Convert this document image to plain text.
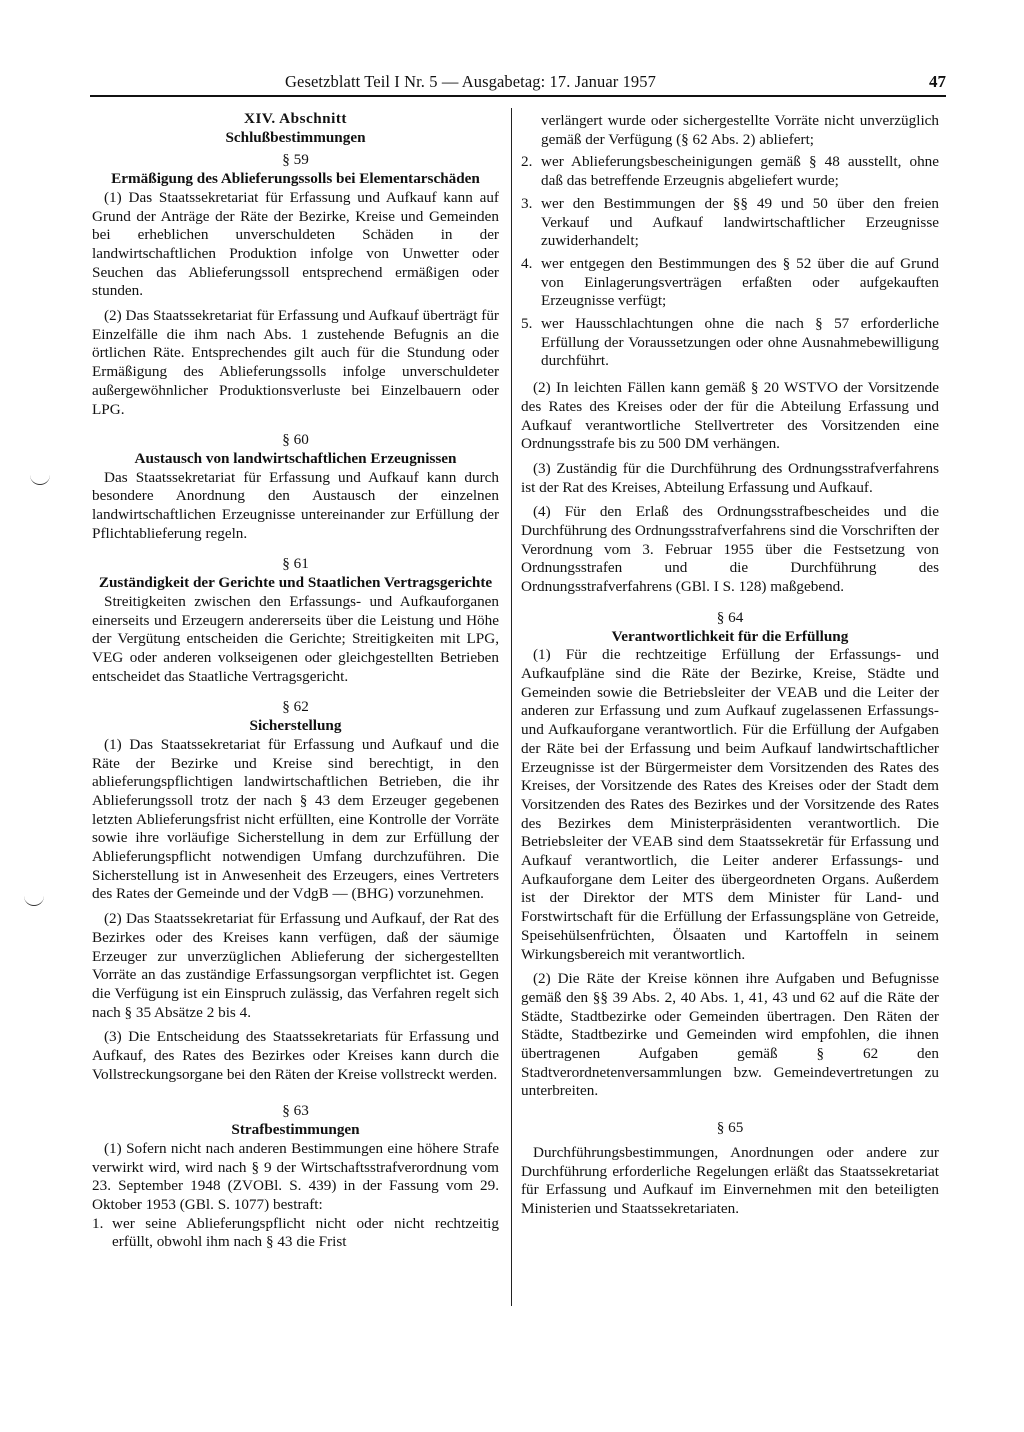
Gesetzblatt Teil I Nr. 5 — Ausgabetag: 17. Januar 1957	47

XIV. Abschnitt

Schlußbestimmungen

§ 59

Ermäßigung des Ablieferungssolls bei Elementarschäden

(1) Das Staatssekretariat für Erfassung und Aufkauf kann auf Grund der Anträge der Räte der Bezirke, Kreise und Gemeinden bei erheblichen unverschuldeten Schäden in der landwirtschaftlichen Produktion infolge von Unwetter oder Seuchen das Ablieferungssoll entsprechend ermäßigen oder stunden.

(2) Das Staatssekretariat für Erfassung und Aufkauf überträgt für Einzelfälle die ihm nach Abs. 1 zustehende Befugnis an die örtlichen Räte. Entsprechendes gilt auch für die Stundung oder Ermäßigung des Ablieferungssolls infolge unverschuldeter außergewöhnlicher Produktionsverluste bei Einzelbauern oder LPG.

§ 60

Austausch von landwirtschaftlichen Erzeugnissen

Das Staatssekretariat für Erfassung und Aufkauf kann durch besondere Anordnung den Austausch der einzelnen landwirtschaftlichen Erzeugnisse untereinander zur Erfüllung der Pflichtablieferung regeln.

§ 61

Zuständigkeit der Gerichte und Staatlichen Vertragsgerichte

Streitigkeiten zwischen den Erfassungs- und Aufkauforganen einerseits und Erzeugern andererseits über die Leistung und Höhe der Vergütung entscheiden die Gerichte; Streitigkeiten mit LPG, VEG oder anderen volkseigenen oder gleichgestellten Betrieben entscheidet das Staatliche Vertragsgericht.

§ 62

Sicherstellung

(1) Das Staatssekretariat für Erfassung und Aufkauf und die Räte der Bezirke und Kreise sind berechtigt, in den ablieferungspflichtigen landwirtschaftlichen Betrieben, die ihr Ablieferungssoll trotz der nach § 43 dem Erzeuger gegebenen letzten Ablieferungsfrist nicht erfüllten, eine Kontrolle der Vorräte sowie ihre vorläufige Sicherstellung in dem zur Erfüllung der Ablieferungspflicht notwendigen Umfang durchzuführen. Die Sicherstellung ist in Anwesenheit des Erzeugers, eines Vertreters des Rates der Gemeinde und der VdgB — (BHG) vorzunehmen.

(2) Das Staatssekretariat für Erfassung und Aufkauf, der Rat des Bezirkes oder des Kreises kann verfügen, daß der säumige Erzeuger zur unverzüglichen Ablieferung der sichergestellten Vorräte an das zuständige Erfassungsorgan verpflichtet ist. Gegen die Verfügung ist ein Einspruch zulässig, das Verfahren regelt sich nach § 35 Absätze 2 bis 4.

(3) Die Entscheidung des Staatssekretariats für Erfassung und Aufkauf, des Rates des Bezirkes oder Kreises kann durch die Vollstreckungsorgane bei den Räten der Kreise vollstreckt werden.

§ 63

Strafbestimmungen

(1) Sofern nicht nach anderen Bestimmungen eine höhere Strafe verwirkt wird, wird nach § 9 der Wirtschaftsstrafverordnung vom 23. September 1948 (ZVOBl. S. 439) in der Fassung vom 29. Oktober 1953 (GBl. S. 1077) bestraft:

1. wer seine Ablieferungspflicht nicht oder nicht rechtzeitig erfüllt, obwohl ihm nach § 43 die Frist
verlängert wurde oder sichergestellte Vorräte nicht unverzüglich gemäß der Verfügung (§ 62 Abs. 2) abliefert;
2. wer Ablieferungsbescheinigungen gemäß § 48 ausstellt, ohne daß das betreffende Erzeugnis abgeliefert wurde;
3. wer den Bestimmungen der §§ 49 und 50 über den freien Verkauf und Aufkauf landwirtschaftlicher Erzeugnisse zuwiderhandelt;
4. wer entgegen den Bestimmungen des § 52 über die auf Grund von Einlagerungsverträgen erfaßten oder aufgekauften Erzeugnisse verfügt;
5. wer Hausschlachtungen ohne die nach § 57 erforderliche Erfüllung der Voraussetzungen oder ohne Ausnahmebewilligung durchführt.

(2) In leichten Fällen kann gemäß § 20 WSTVO der Vorsitzende des Rates des Kreises oder der für die Abteilung Erfassung und Aufkauf verantwortliche Stellvertreter des Vorsitzenden eine Ordnungsstrafe bis zu 500 DM verhängen.

(3) Zuständig für die Durchführung des Ordnungsstrafverfahrens ist der Rat des Kreises, Abteilung Erfassung und Aufkauf.

(4) Für den Erlaß des Ordnungsstrafbescheides und die Durchführung des Ordnungsstrafverfahrens sind die Vorschriften der Verordnung vom 3. Februar 1955 über die Festsetzung von Ordnungsstrafen und die Durchführung des Ordnungsstrafverfahrens (GBl. I S. 128) maßgebend.

§ 64

Verantwortlichkeit für die Erfüllung

(1) Für die rechtzeitige Erfüllung der Erfassungs- und Aufkaufpläne sind die Räte der Bezirke, Kreise, Städte und Gemeinden sowie die Betriebsleiter der VEAB und die Leiter der anderen zur Erfassung und zum Aufkauf zugelassenen Erfassungs- und Aufkauforgane verantwortlich. Für die Erfüllung der Aufgaben der Räte bei der Erfassung und beim Aufkauf landwirtschaftlicher Erzeugnisse ist der Bürgermeister dem Vorsitzenden des Rates des Kreises, der Vorsitzende des Rates des Kreises oder der Stadt dem Vorsitzenden des Rates des Bezirkes und der Vorsitzende des Rates des Bezirkes dem Ministerpräsidenten verantwortlich. Die Betriebsleiter der VEAB sind dem Staatssekretär für Erfassung und Aufkauf verantwortlich, die Leiter anderer Erfassungs- und Aufkauforgane dem Leiter des übergeordneten Organs. Außerdem ist der Direktor der MTS dem Minister für Land- und Forstwirtschaft für die Erfüllung der Erfassungspläne von Getreide, Speisehülsenfrüchten, Ölsaaten und Kartoffeln in seinem Wirkungsbereich mit verantwortlich.

(2) Die Räte der Kreise können ihre Aufgaben und Befugnisse gemäß den §§ 39 Abs. 2, 40 Abs. 1, 41, 43 und 62 auf die Räte der Städte, Stadtbezirke oder Gemeinden übertragen. Den Räten der Städte, Stadtbezirke und Gemeinden wird empfohlen, die ihnen übertragenen Aufgaben gemäß § 62 den Stadtverordnetenversammlungen bzw. Gemeindevertretungen zu unterbreiten.

§ 65

Durchführungsbestimmungen, Anordnungen oder andere zur Durchführung erforderliche Regelungen erläßt das Staatssekretariat für Erfassung und Aufkauf im Einvernehmen mit den beteiligten Ministerien und Staatssekretariaten.
